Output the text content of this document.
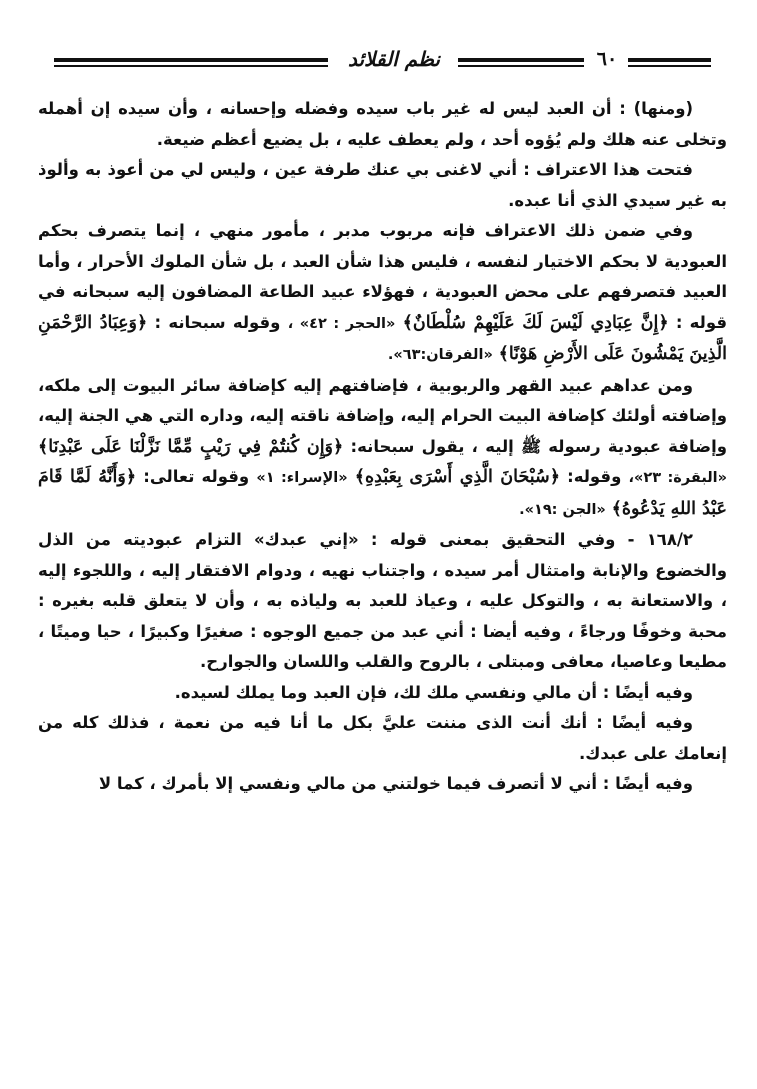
نظم القلائد	٦٠

(ومنها) : أن العبد ليس له غير باب سيده وفضله وإحسانه ، وأن سيده إن أهمله وتخلى عنه هلك ولم يُؤوه أحد ، ولم يعطف عليه ، بل يضيع أعظم ضيعة.

فتحت هذا الاعتراف : أني لاغنى بي عنك طرفة عين ، وليس لي من أعوذ به وألوذ به غير سيدي الذي أنا عبده.

وفي ضمن ذلك الاعتراف فإنه مربوب مدبر ، مأمور منهي ، إنما يتصرف بحكم العبودية لا بحكم الاختيار لنفسه ، فليس هذا شأن العبد ، بل شأن الملوك الأحرار ، وأما العبيد فتصرفهم على محض العبودية ، فهؤلاء عبيد الطاعة المضافون إليه سبحانه في قوله : ﴿إِنَّ عِبَادِي لَيْسَ لَكَ عَلَيْهِمْ سُلْطَانٌ﴾ «الحجر : ٤٢» ، وقوله سبحانه : ﴿وَعِبَادُ الرَّحْمَنِ الَّذِينَ يَمْشُونَ عَلَى الأَرْضِ هَوْنًا﴾ «الفرقان:٦٣».

ومن عداهم عبيد القهر والربوبية ، فإضافتهم إليه كإضافة سائر البيوت إلى ملكه، وإضافته أولئك كإضافة البيت الحرام إليه، وإضافة ناقته إليه، وداره التي هي الجنة إليه، وإضافة عبودية رسوله ﷺ إليه ، يقول سبحانه: ﴿وَإِن كُنتُمْ فِي رَيْبٍ مِّمَّا نَزَّلْنَا عَلَى عَبْدِنَا﴾ «البقرة: ٢٣»، وقوله: ﴿سُبْحَانَ الَّذِي أَسْرَى بِعَبْدِهِ﴾ «الإسراء: ١» وقوله تعالى: ﴿وَأَنَّهُ لَمَّا قَامَ عَبْدُ اللهِ يَدْعُوهُ﴾ «الجن :١٩».

١٦٨/٢ - وفي التحقيق بمعنى قوله : «إني عبدك» التزام عبوديته من الذل والخضوع والإنابة وامتثال أمر سيده ، واجتناب نهيه ، ودوام الافتقار إليه ، واللجوء إليه ، والاستعانة به ، والتوكل عليه ، وعياذ للعبد به ولياذه به ، وأن لا يتعلق قلبه بغيره : محبة وخوفًا ورجاءً ، وفيه أيضا : أني عبد من جميع الوجوه : صغيرًا وكبيرًا ، حيا وميتًا ، مطيعا وعاصيا، معافى ومبتلى ، بالروح والقلب واللسان والجوارح.

وفيه أيضًا : أن مالي ونفسي ملك لك، فإن العبد وما يملك لسيده.

وفيه أيضًا : أنك أنت الذى مننت عليَّ بكل ما أنا فيه من نعمة ، فذلك كله من إنعامك على عبدك.

وفيه أيضًا : أني لا أتصرف فيما خولتني من مالي ونفسي إلا بأمرك ، كما لا
